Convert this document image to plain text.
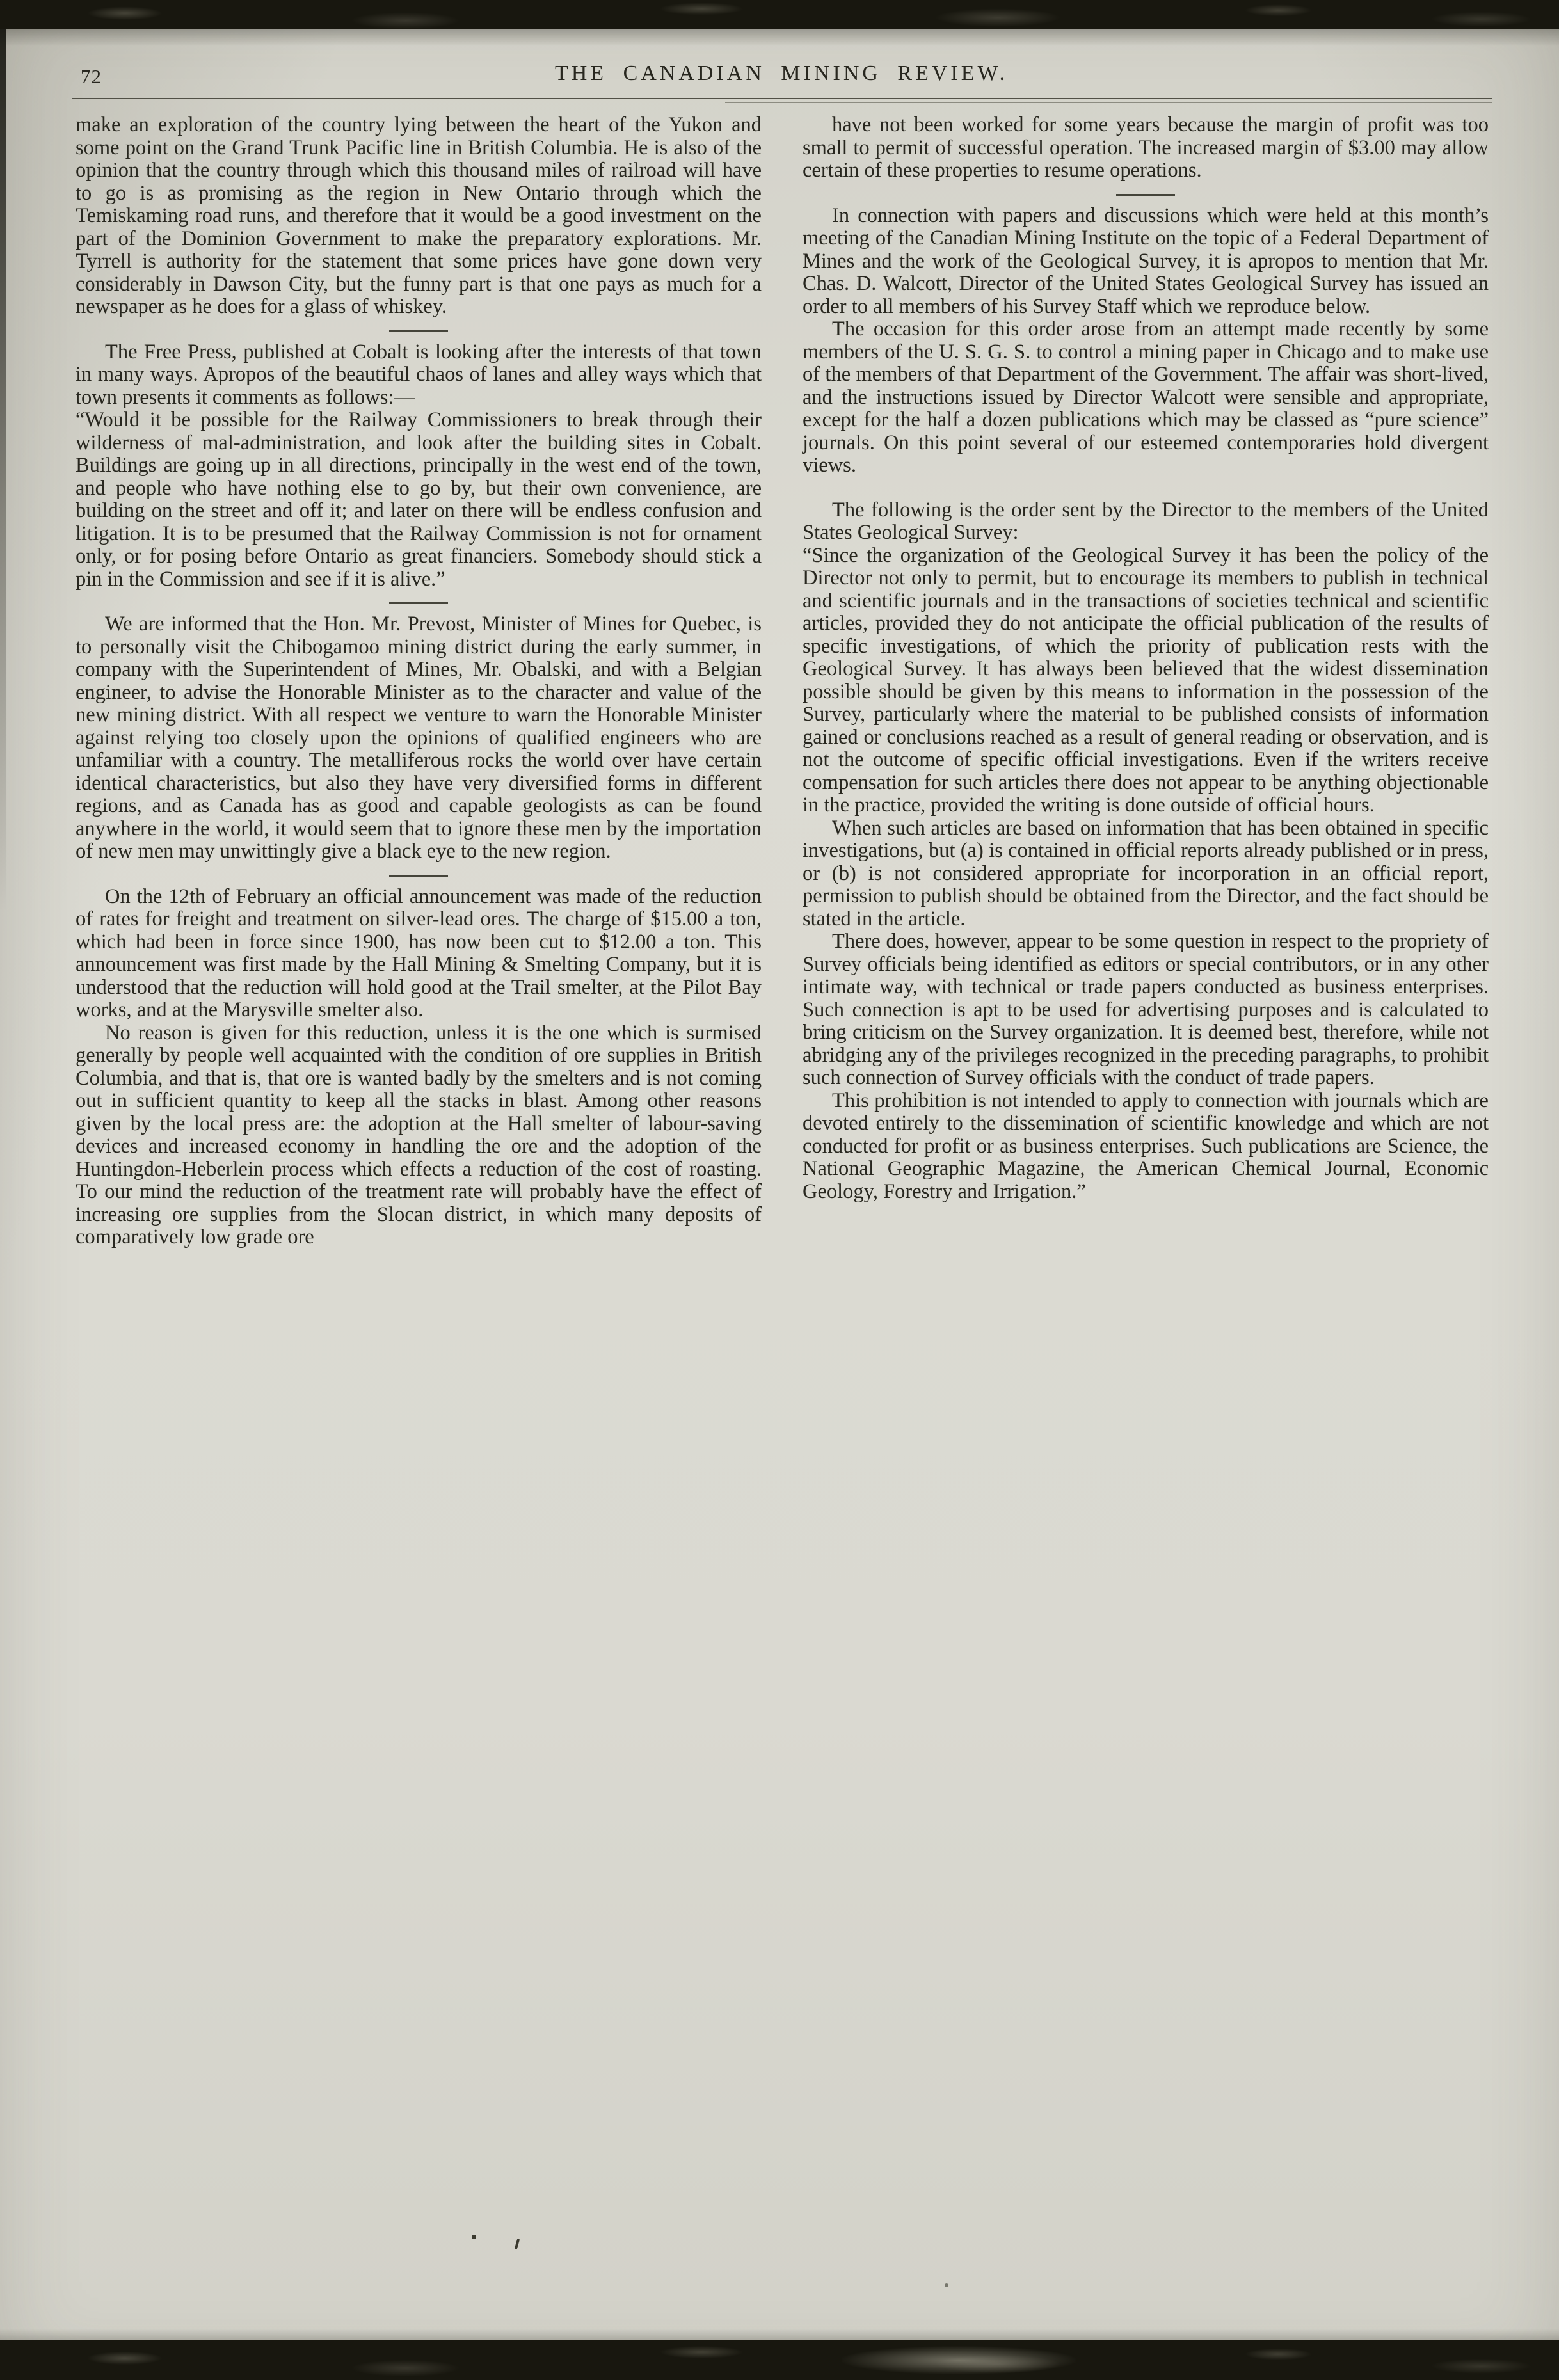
72	THE CANADIAN MINING REVIEW.

make an exploration of the country lying between the heart of the Yukon and some point on the Grand Trunk Pacific line in British Columbia. He is also of the opinion that the country through which this thousand miles of railroad will have to go is as promising as the region in New Ontario through which the Temiskaming road runs, and therefore that it would be a good investment on the part of the Dominion Government to make the preparatory explorations. Mr. Tyrrell is authority for the statement that some prices have gone down very considerably in Dawson City, but the funny part is that one pays as much for a newspaper as he does for a glass of whiskey.

The Free Press, published at Cobalt is looking after the interests of that town in many ways. Apropos of the beautiful chaos of lanes and alley ways which that town presents it comments as follows:—

“Would it be possible for the Railway Commissioners to break through their wilderness of mal-administration, and look after the building sites in Cobalt. Buildings are going up in all directions, principally in the west end of the town, and people who have nothing else to go by, but their own convenience, are building on the street and off it; and later on there will be endless confusion and litigation. It is to be presumed that the Railway Commission is not for ornament only, or for posing before Ontario as great financiers. Somebody should stick a pin in the Commission and see if it is alive.”

We are informed that the Hon. Mr. Prevost, Minister of Mines for Quebec, is to personally visit the Chibogamoo mining district during the early summer, in company with the Superintendent of Mines, Mr. Obalski, and with a Belgian engineer, to advise the Honorable Minister as to the character and value of the new mining district. With all respect we venture to warn the Honorable Minister against relying too closely upon the opinions of qualified engineers who are unfamiliar with a country. The metalliferous rocks the world over have certain identical characteristics, but also they have very diversified forms in different regions, and as Canada has as good and capable geologists as can be found anywhere in the world, it would seem that to ignore these men by the importation of new men may unwittingly give a black eye to the new region.

On the 12th of February an official announcement was made of the reduction of rates for freight and treatment on silver-lead ores. The charge of $15.00 a ton, which had been in force since 1900, has now been cut to $12.00 a ton. This announcement was first made by the Hall Mining & Smelting Company, but it is understood that the reduction will hold good at the Trail smelter, at the Pilot Bay works, and at the Marysville smelter also.

No reason is given for this reduction, unless it is the one which is surmised generally by people well acquainted with the condition of ore supplies in British Columbia, and that is, that ore is wanted badly by the smelters and is not coming out in sufficient quantity to keep all the stacks in blast. Among other reasons given by the local press are: the adoption at the Hall smelter of labour-saving devices and increased economy in handling the ore and the adoption of the Huntingdon-Heberlein process which effects a reduction of the cost of roasting. To our mind the reduction of the treatment rate will probably have the effect of increasing ore supplies from the Slocan district, in which many deposits of comparatively low grade ore

have not been worked for some years because the margin of profit was too small to permit of successful operation. The increased margin of $3.00 may allow certain of these properties to resume operations.

In connection with papers and discussions which were held at this month’s meeting of the Canadian Mining Institute on the topic of a Federal Department of Mines and the work of the Geological Survey, it is apropos to mention that Mr. Chas. D. Walcott, Director of the United States Geological Survey has issued an order to all members of his Survey Staff which we reproduce below.

The occasion for this order arose from an attempt made recently by some members of the U. S. G. S. to control a mining paper in Chicago and to make use of the members of that Department of the Government. The affair was short-lived, and the instructions issued by Director Walcott were sensible and appropriate, except for the half a dozen publications which may be classed as “pure science” journals. On this point several of our esteemed contemporaries hold divergent views.

The following is the order sent by the Director to the members of the United States Geological Survey:

“Since the organization of the Geological Survey it has been the policy of the Director not only to permit, but to encourage its members to publish in technical and scientific journals and in the transactions of societies technical and scientific articles, provided they do not anticipate the official publication of the results of specific investigations, of which the priority of publication rests with the Geological Survey. It has always been believed that the widest dissemination possible should be given by this means to information in the possession of the Survey, particularly where the material to be published consists of information gained or conclusions reached as a result of general reading or observation, and is not the outcome of specific official investigations. Even if the writers receive compensation for such articles there does not appear to be anything objectionable in the practice, provided the writing is done outside of official hours.

When such articles are based on information that has been obtained in specific investigations, but (a) is contained in official reports already published or in press, or (b) is not considered appropriate for incorporation in an official report, permission to publish should be obtained from the Director, and the fact should be stated in the article.

There does, however, appear to be some question in respect to the propriety of Survey officials being identified as editors or special contributors, or in any other intimate way, with technical or trade papers conducted as business enterprises. Such connection is apt to be used for advertising purposes and is calculated to bring criticism on the Survey organization. It is deemed best, therefore, while not abridging any of the privileges recognized in the preceding paragraphs, to prohibit such connection of Survey officials with the conduct of trade papers.

This prohibition is not intended to apply to connection with journals which are devoted entirely to the dissemination of scientific knowledge and which are not conducted for profit or as business enterprises. Such publications are Science, the National Geographic Magazine, the American Chemical Journal, Economic Geology, Forestry and Irrigation.”
